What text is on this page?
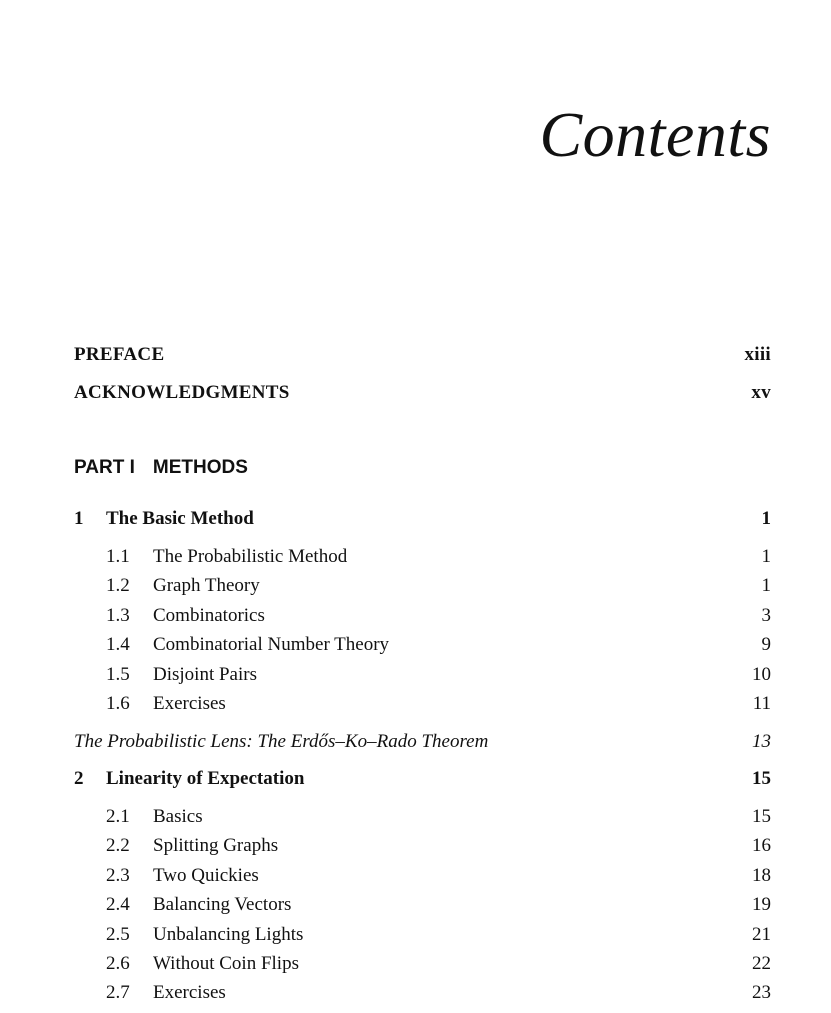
Contents
PREFACE	xiii
ACKNOWLEDGMENTS	xv
PART I METHODS
1 The Basic Method	1
1.1 The Probabilistic Method	1
1.2 Graph Theory	1
1.3 Combinatorics	3
1.4 Combinatorial Number Theory	9
1.5 Disjoint Pairs	10
1.6 Exercises	11
The Probabilistic Lens: The Erdős–Ko–Rado Theorem	13
2 Linearity of Expectation	15
2.1 Basics	15
2.2 Splitting Graphs	16
2.3 Two Quickies	18
2.4 Balancing Vectors	19
2.5 Unbalancing Lights	21
2.6 Without Coin Flips	22
2.7 Exercises	23
